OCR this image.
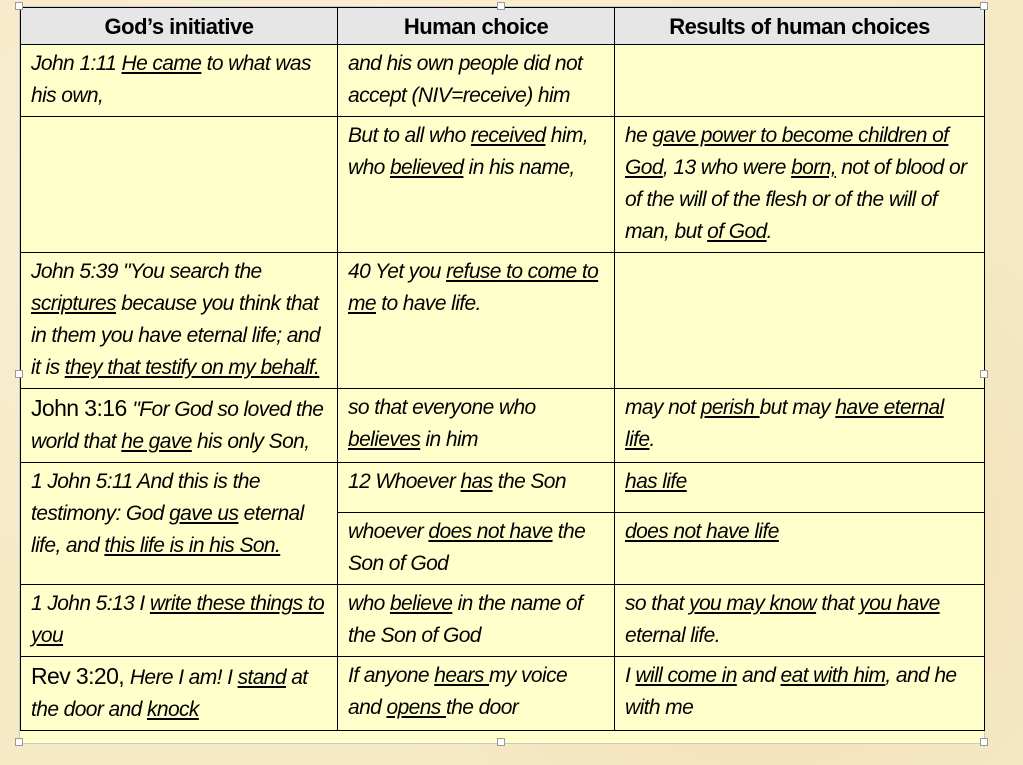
God’s initiative	Human choice	Results of human choices
John 1:11 He came to what was his own,	and his own people did not accept (NIV=receive) him	
	But to all who received him, who believed in his name,	he gave power to become children of God, 13 who were born, not of blood or of the will of the flesh or of the will of man, but of God.
John 5:39 "You search the scriptures because you think that in them you have eternal life; and it is they that testify on my behalf.	40 Yet you refuse to come to me to have life.	
John 3:16 "For God so loved the world that he gave his only Son,	so that everyone who believes in him	may not perish but may have eternal life.
1 John 5:11 And this is the testimony: God gave us eternal life, and this life is in his Son.	12 Whoever has the Son	has life
	whoever does not have the Son of God	does not have life
1 John 5:13 I write these things to you	who believe in the name of the Son of God	so that you may know that you have eternal life.
Rev 3:20, Here I am! I stand at the door and knock	If anyone hears my voice and opens the door	I will come in and eat with him, and he with me
